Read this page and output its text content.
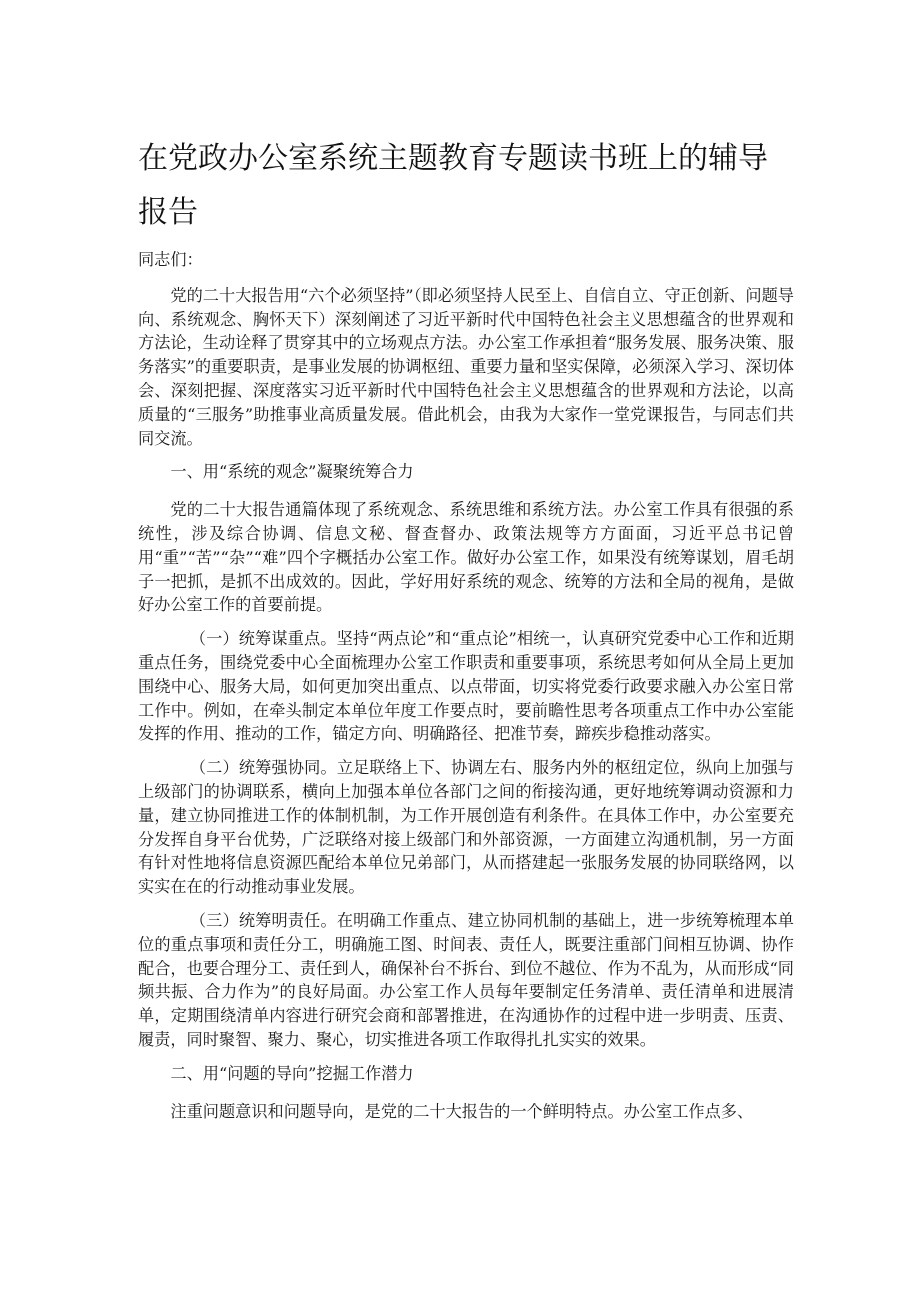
在党政办公室系统主题教育专题读书班上的辅导报告

同志们：

党的二十大报告用“六个必须坚持”（即必须坚持人民至上、自信自立、守正创新、问题导向、系统观念、胸怀天下）深刻阐述了习近平新时代中国特色社会主义思想蕴含的世界观和方法论，生动诠释了贯穿其中的立场观点方法。办公室工作承担着“服务发展、服务决策、服务落实”的重要职责，是事业发展的协调枢纽、重要力量和坚实保障，必须深入学习、深切体会、深刻把握、深度落实习近平新时代中国特色社会主义思想蕴含的世界观和方法论，以高质量的“三服务”助推事业高质量发展。借此机会，由我为大家作一堂党课报告，与同志们共同交流。

一、用“系统的观念”凝聚统筹合力

党的二十大报告通篇体现了系统观念、系统思维和系统方法。办公室工作具有很强的系统性，涉及综合协调、信息文秘、督查督办、政策法规等方方面面，习近平总书记曾用“重”“苦”“杂”“难”四个字概括办公室工作。做好办公室工作，如果没有统筹谋划，眉毛胡子一把抓，是抓不出成效的。因此，学好用好系统的观念、统筹的方法和全局的视角，是做好办公室工作的首要前提。

（一）统筹谋重点。坚持“两点论”和“重点论”相统一，认真研究党委中心工作和近期重点任务，围绕党委中心全面梳理办公室工作职责和重要事项，系统思考如何从全局上更加围绕中心、服务大局，如何更加突出重点、以点带面，切实将党委行政要求融入办公室日常工作中。例如，在牵头制定本单位年度工作要点时，要前瞻性思考各项重点工作中办公室能发挥的作用、推动的工作，锚定方向、明确路径、把准节奏，蹄疾步稳推动落实。

（二）统筹强协同。立足联络上下、协调左右、服务内外的枢纽定位，纵向上加强与上级部门的协调联系，横向上加强本单位各部门之间的衔接沟通，更好地统筹调动资源和力量，建立协同推进工作的体制机制，为工作开展创造有利条件。在具体工作中，办公室要充分发挥自身平台优势，广泛联络对接上级部门和外部资源，一方面建立沟通机制，另一方面有针对性地将信息资源匹配给本单位兄弟部门，从而搭建起一张服务发展的协同联络网，以实实在在的行动推动事业发展。

（三）统筹明责任。在明确工作重点、建立协同机制的基础上，进一步统筹梳理本单位的重点事项和责任分工，明确施工图、时间表、责任人，既要注重部门间相互协调、协作配合，也要合理分工、责任到人，确保补台不拆台、到位不越位、作为不乱为，从而形成“同频共振、合力作为”的良好局面。办公室工作人员每年要制定任务清单、责任清单和进展清单，定期围绕清单内容进行研究会商和部署推进，在沟通协作的过程中进一步明责、压责、履责，同时聚智、聚力、聚心，切实推进各项工作取得扎扎实实的效果。

二、用“问题的导向”挖掘工作潜力

注重问题意识和问题导向，是党的二十大报告的一个鲜明特点。办公室工作点多、
